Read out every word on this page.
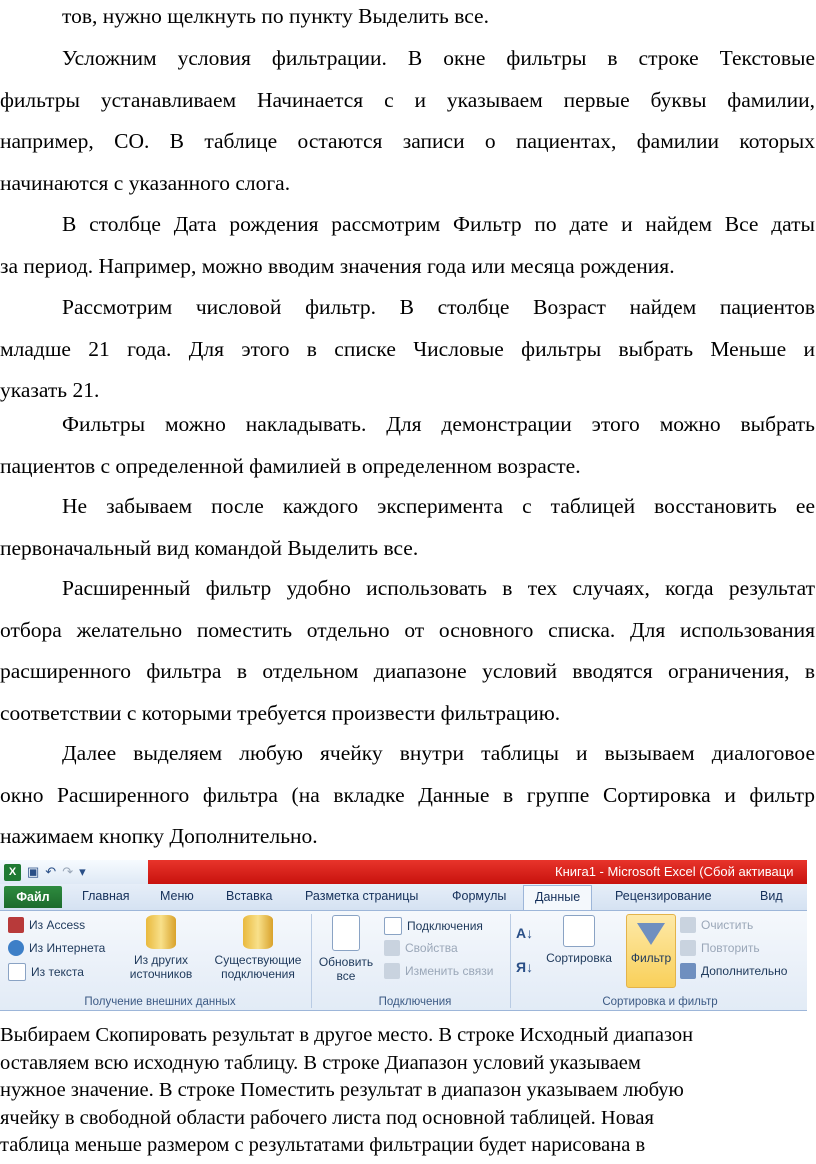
тов, нужно щелкнуть по пункту Выделить все.
Усложним условия фильтрации. В окне фильтры в строке Текстовые
фильтры устанавливаем Начинается с и указываем первые буквы фамилии,
например, СО. В таблице остаются записи о пациентах, фамилии которых
начинаются с указанного слога.
В столбце Дата рождения рассмотрим Фильтр по дате и найдем Все даты
за период. Например, можно вводим значения года или месяца рождения.
Рассмотрим числовой фильтр. В столбце Возраст найдем пациентов
младше 21 года. Для этого в списке Числовые фильтры выбрать Меньше и
указать 21.
Фильтры можно накладывать. Для демонстрации этого можно выбрать
пациентов с определенной фамилией в определенном возрасте.
Не забываем после каждого эксперимента с таблицей восстановить ее
первоначальный вид командой Выделить все.
Расширенный фильтр удобно использовать в тех случаях, когда результат
отбора желательно поместить отдельно от основного списка. Для использования
расширенного фильтра в отдельном диапазоне условий вводятся ограничения, в
соответствии с которыми требуется произвести фильтрацию.
Далее выделяем любую ячейку внутри таблицы и вызываем диалоговое
окно Расширенного фильтра (на вкладке Данные в группе Сортировка и фильтр
нажимаем кнопку Дополнительно.
X ▣ ↶ ↷ ▾	Книга1 - Microsoft Excel (Сбой активаци
Файл	Главная Меню	Вставка	Разметка страницы	Формулы	Данные	Рецензирование	Вид
Из Access
Из Интернета
Из текста
Из других источников
Существующие подключения
Получение внешних данных
Обновить все
Подключения
Свойства
Изменить связи
Подключения
А↓
Я↓
Сортировка	Фильтр
Очистить
Повторить
Дополнительно
Сортировка и фильтр
Выбираем Скопировать результат в другое место. В строке Исходный диапазон
оставляем всю исходную таблицу. В строке Диапазон условий указываем
нужное значение. В строке Поместить результат в диапазон указываем любую
ячейку в свободной области рабочего листа под основной таблицей. Новая
таблица меньше размером с результатами фильтрации будет нарисована в
